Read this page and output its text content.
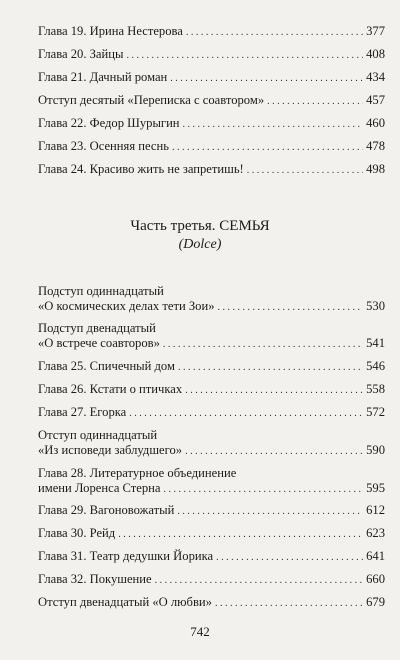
Глава 19. Ирина Нестерова . . .	377
Глава 20. Зайцы . . .	408
Глава 21. Дачный роман . . .	434
Отступ десятый «Переписка с соавтором» . . .	457
Глава 22. Федор Шурыгин . . .	460
Глава 23. Осенняя песнь . . .	478
Глава 24. Красиво жить не запретишь! . . .	498
Часть третья. СЕМЬЯ
(Dolce)
Подступ одиннадцатый
«О космических делах тети Зои» . . .	530
Подступ двенадцатый
«О встрече соавторов» . . .	541
Глава 25. Спичечный дом . . .	546
Глава 26. Кстати о птичках . . .	558
Глава 27. Егорка . . .	572
Отступ одиннадцатый
«Из исповеди заблудшего» . . .	590
Глава 28. Литературное объединение
имени Лоренса Стерна . . .	595
Глава 29. Вагоновожатый . . .	612
Глава 30. Рейд . . .	623
Глава 31. Театр дедушки Йорика . . .	641
Глава 32. Покушение . . .	660
Отступ двенадцатый «О любви» . . .	679
742
